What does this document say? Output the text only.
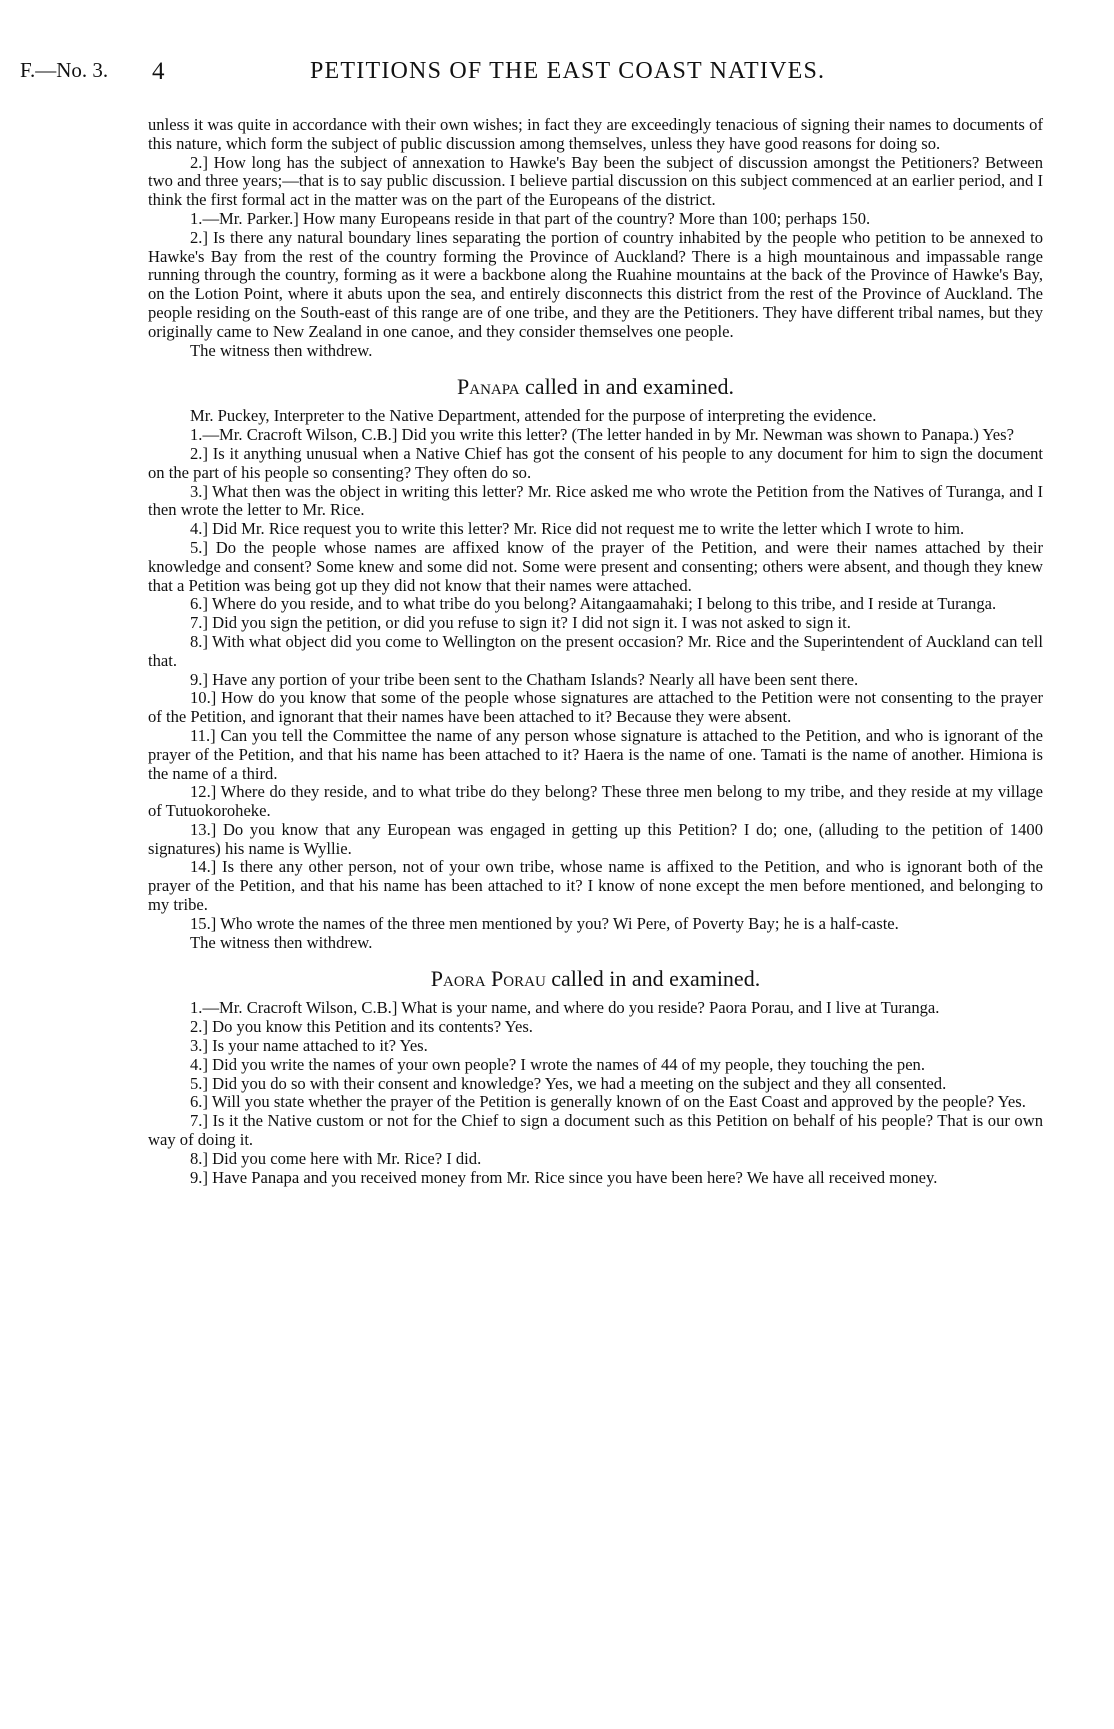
F.—No. 3. 4	PETITIONS OF THE EAST COAST NATIVES.

unless it was quite in accordance with their own wishes; in fact they are exceedingly tenacious of signing their names to documents of this nature, which form the subject of public discussion among themselves, unless they have good reasons for doing so.

2.] How long has the subject of annexation to Hawke's Bay been the subject of discussion amongst the Petitioners? Between two and three years;—that is to say public discussion. I believe partial discussion on this subject commenced at an earlier period, and I think the first formal act in the matter was on the part of the Europeans of the district.

1.—Mr. Parker.] How many Europeans reside in that part of the country? More than 100; perhaps 150.

2.] Is there any natural boundary lines separating the portion of country inhabited by the people who petition to be annexed to Hawke's Bay from the rest of the country forming the Province of Auckland? There is a high mountainous and impassable range running through the country, forming as it were a backbone along the Ruahine mountains at the back of the Province of Hawke's Bay, on the Lotion Point, where it abuts upon the sea, and entirely disconnects this district from the rest of the Province of Auckland. The people residing on the South-east of this range are of one tribe, and they are the Petitioners. They have different tribal names, but they originally came to New Zealand in one canoe, and they consider themselves one people.

The witness then withdrew.

Panapa called in and examined.

Mr. Puckey, Interpreter to the Native Department, attended for the purpose of interpreting the evidence.

1.—Mr. Cracroft Wilson, C.B.] Did you write this letter? (The letter handed in by Mr. Newman was shown to Panapa.) Yes?

2.] Is it anything unusual when a Native Chief has got the consent of his people to any document for him to sign the document on the part of his people so consenting? They often do so.

3.] What then was the object in writing this letter? Mr. Rice asked me who wrote the Petition from the Natives of Turanga, and I then wrote the letter to Mr. Rice.

4.] Did Mr. Rice request you to write this letter? Mr. Rice did not request me to write the letter which I wrote to him.

5.] Do the people whose names are affixed know of the prayer of the Petition, and were their names attached by their knowledge and consent? Some knew and some did not. Some were present and consenting; others were absent, and though they knew that a Petition was being got up they did not know that their names were attached.

6.] Where do you reside, and to what tribe do you belong? Aitangaamahaki; I belong to this tribe, and I reside at Turanga.

7.] Did you sign the petition, or did you refuse to sign it? I did not sign it. I was not asked to sign it.

8.] With what object did you come to Wellington on the present occasion? Mr. Rice and the Superintendent of Auckland can tell that.

9.] Have any portion of your tribe been sent to the Chatham Islands? Nearly all have been sent there.

10.] How do you know that some of the people whose signatures are attached to the Petition were not consenting to the prayer of the Petition, and ignorant that their names have been attached to it? Because they were absent.

11.] Can you tell the Committee the name of any person whose signature is attached to the Petition, and who is ignorant of the prayer of the Petition, and that his name has been attached to it? Haera is the name of one. Tamati is the name of another. Himiona is the name of a third.

12.] Where do they reside, and to what tribe do they belong? These three men belong to my tribe, and they reside at my village of Tutuokoroheke.

13.] Do you know that any European was engaged in getting up this Petition? I do; one, (alluding to the petition of 1400 signatures) his name is Wyllie.

14.] Is there any other person, not of your own tribe, whose name is affixed to the Petition, and who is ignorant both of the prayer of the Petition, and that his name has been attached to it? I know of none except the men before mentioned, and belonging to my tribe.

15.] Who wrote the names of the three men mentioned by you? Wi Pere, of Poverty Bay; he is a half-caste.

The witness then withdrew.

Paora Porau called in and examined.

1.—Mr. Cracroft Wilson, C.B.] What is your name, and where do you reside? Paora Porau, and I live at Turanga.

2.] Do you know this Petition and its contents? Yes.

3.] Is your name attached to it? Yes.

4.] Did you write the names of your own people? I wrote the names of 44 of my people, they touching the pen.

5.] Did you do so with their consent and knowledge? Yes, we had a meeting on the subject and they all consented.

6.] Will you state whether the prayer of the Petition is generally known of on the East Coast and approved by the people? Yes.

7.] Is it the Native custom or not for the Chief to sign a document such as this Petition on behalf of his people? That is our own way of doing it.

8.] Did you come here with Mr. Rice? I did.

9.] Have Panapa and you received money from Mr. Rice since you have been here? We have all received money.
